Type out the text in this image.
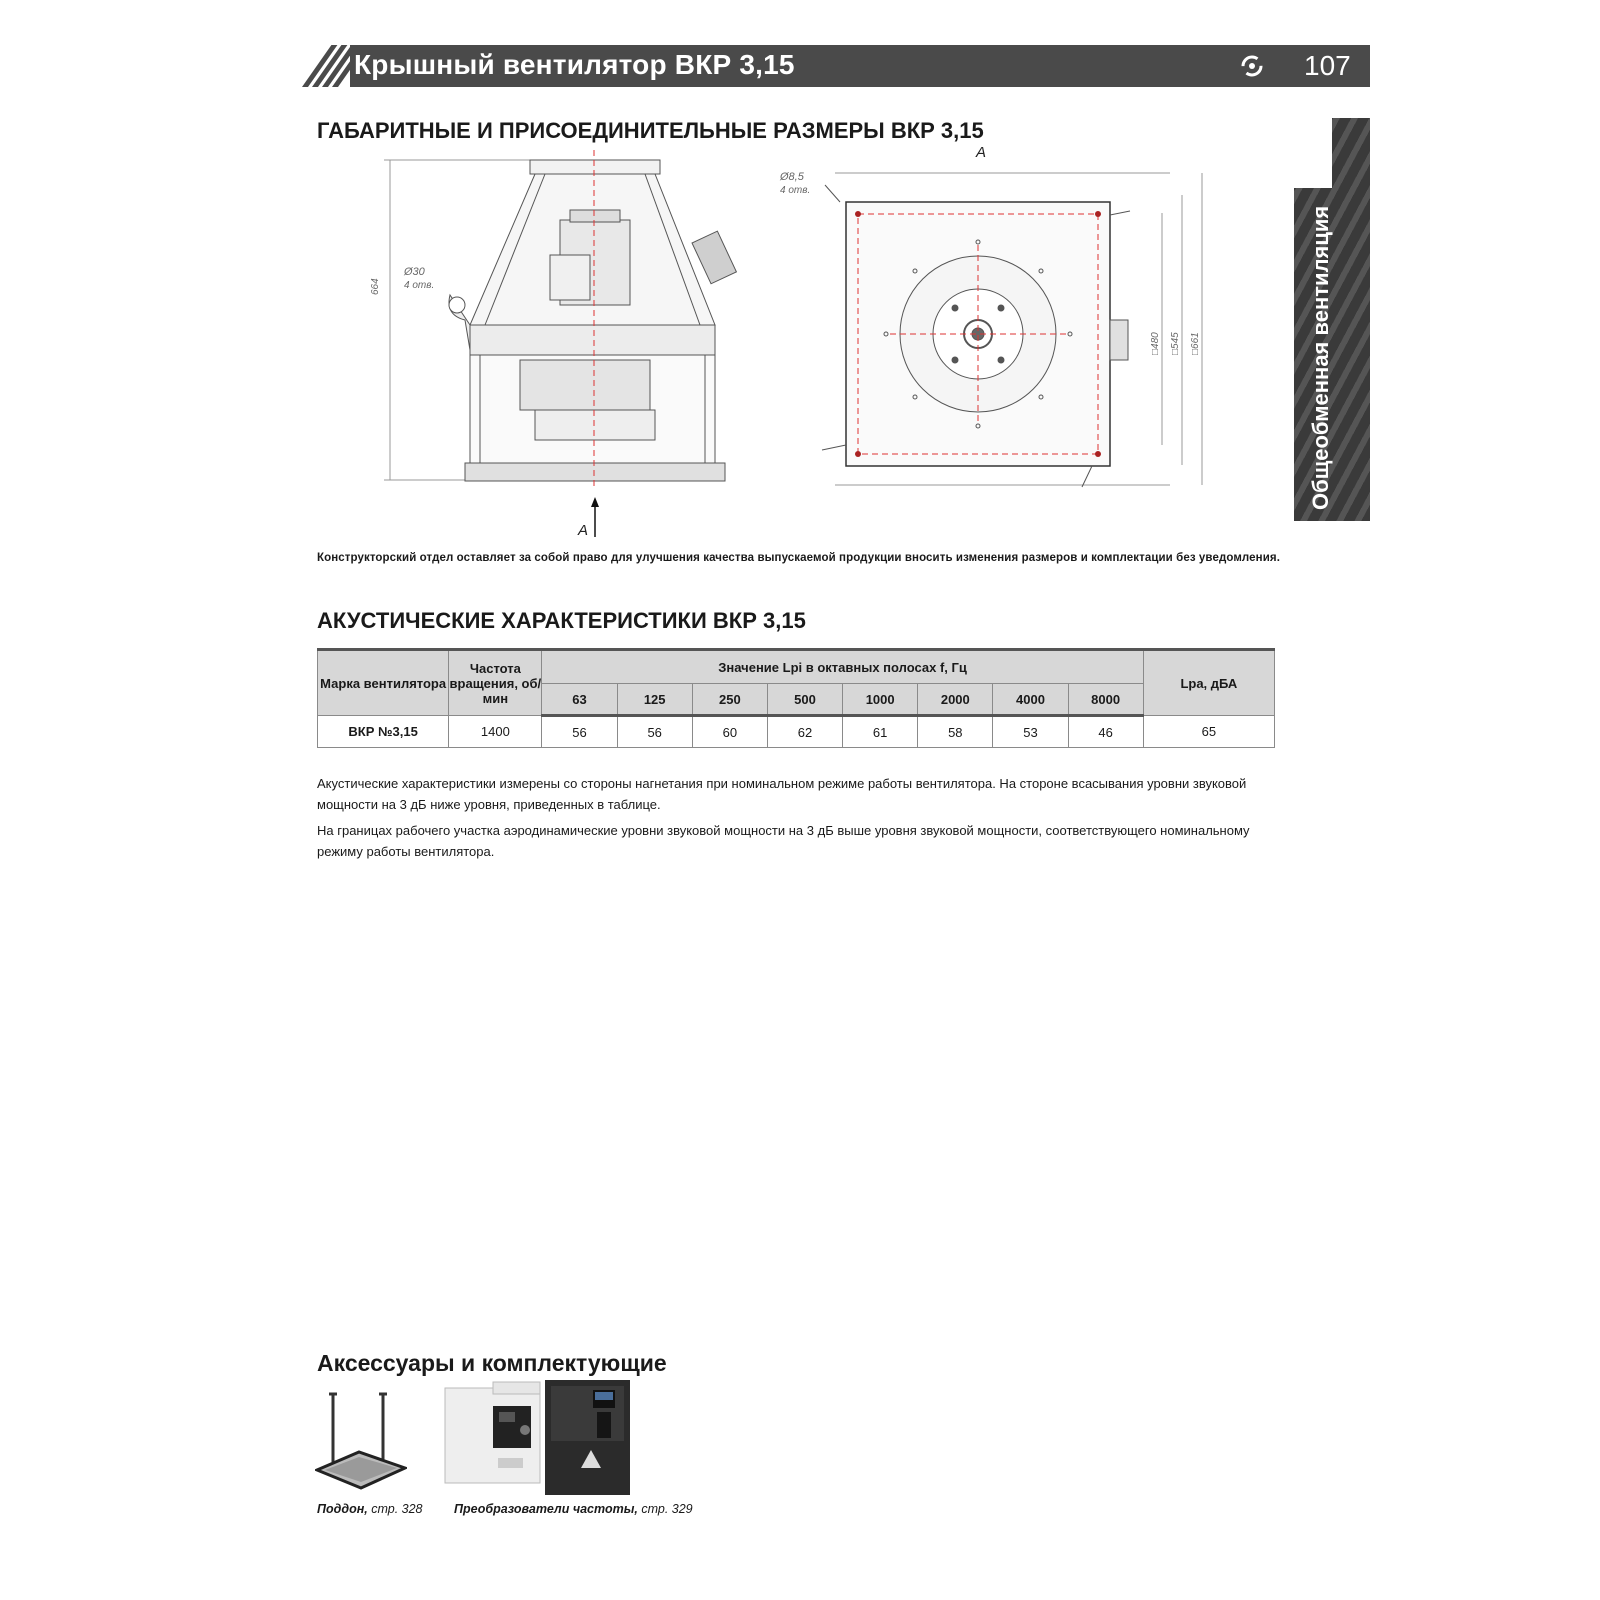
Крышный вентилятор ВКР 3,15	107
Общеобменная вентиляция
ГАБАРИТНЫЕ И ПРИСОЕДИНИТЕЛЬНЫЕ РАЗМЕРЫ ВКР 3,15
664
Ø30
4 отв.
A
A
Ø8,5
4 отв.
□480 □545 □661
Конструкторский отдел оставляет за собой право для улучшения качества выпускаемой продукции вносить изменения размеров и комплектации без уведомления.
АКУСТИЧЕСКИЕ ХАРАКТЕРИСТИКИ ВКР 3,15
Марка вентилятора	Частота вращения, об/мин	Значение Lpi в октавных полосах f, Гц								Lpa, дБА
		63	125	250	500	1000	2000	4000	8000	
ВКР №3,15	1400	56	56	60	62	61	58	53	46	65

Акустические характеристики измерены со стороны нагнетания при номинальном режиме работы вентилятора. На стороне всасывания уровни звуковой мощности на 3 дБ ниже уровня, приведенных в таблице.

На границах рабочего участка аэродинамические уровни звуковой мощности на 3 дБ выше уровня звуковой мощности, соответствующего номинальному режиму работы вентилятора.

Аксессуары и комплектующие
Поддон, стр. 328	Преобразователи частоты, стр. 329
